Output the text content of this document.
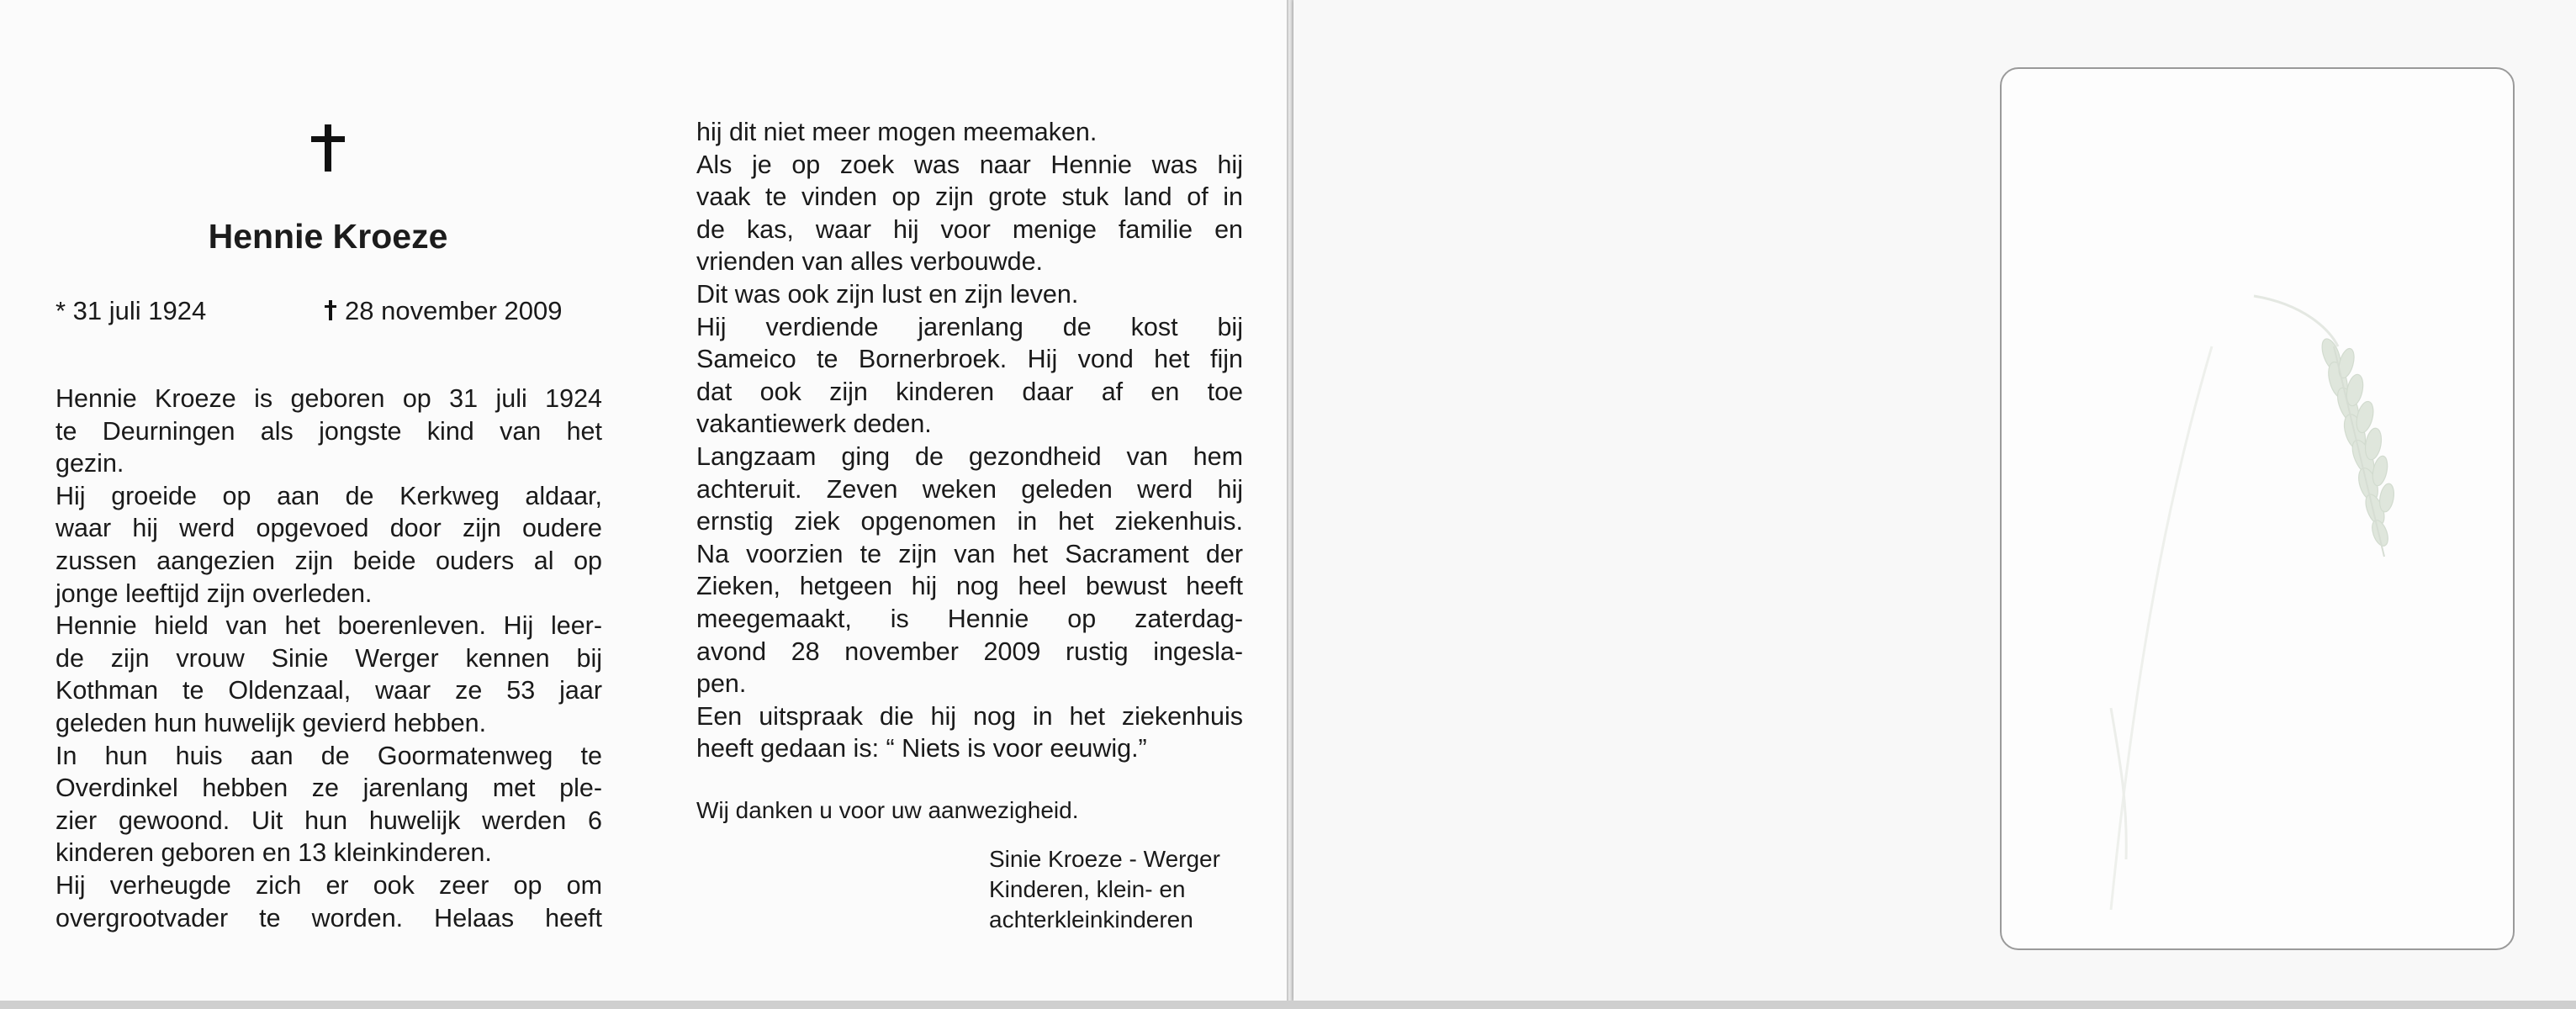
Hennie Kroeze
* 31 juli 1924	28 november 2009
Hennie Kroeze is geboren op 31 juli 1924
te Deurningen als jongste kind van het
gezin.
Hij groeide op aan de Kerkweg aldaar,
waar hij werd opgevoed door zijn oudere
zussen aangezien zijn beide ouders al op
jonge leeftijd zijn overleden.
Hennie hield van het boerenleven. Hij leer-
de zijn vrouw Sinie Werger kennen bij
Kothman te Oldenzaal, waar ze 53 jaar
geleden hun huwelijk gevierd hebben.
In hun huis aan de Goormatenweg te
Overdinkel hebben ze jarenlang met ple-
zier gewoond. Uit hun huwelijk werden 6
kinderen geboren en 13 kleinkinderen.
Hij verheugde zich er ook zeer op om
overgrootvader te worden. Helaas heeft
hij dit niet meer mogen meemaken.
Als je op zoek was naar Hennie was hij
vaak te vinden op zijn grote stuk land of in
de kas, waar hij voor menige familie en
vrienden van alles verbouwde.
Dit was ook zijn lust en zijn leven.
Hij verdiende jarenlang de kost bij
Sameico te Bornerbroek. Hij vond het fijn
dat ook zijn kinderen daar af en toe
vakantiewerk deden.
Langzaam ging de gezondheid van hem
achteruit. Zeven weken geleden werd hij
ernstig ziek opgenomen in het ziekenhuis.
Na voorzien te zijn van het Sacrament der
Zieken, hetgeen hij nog heel bewust heeft
meegemaakt, is Hennie op zaterdag-
avond 28 november 2009 rustig ingesla-
pen.
Een uitspraak die hij nog in het ziekenhuis
heeft gedaan is: “ Niets is voor eeuwig.”
Wij danken u voor uw aanwezigheid.
Sinie Kroeze - Werger
Kinderen, klein- en
achterkleinkinderen
